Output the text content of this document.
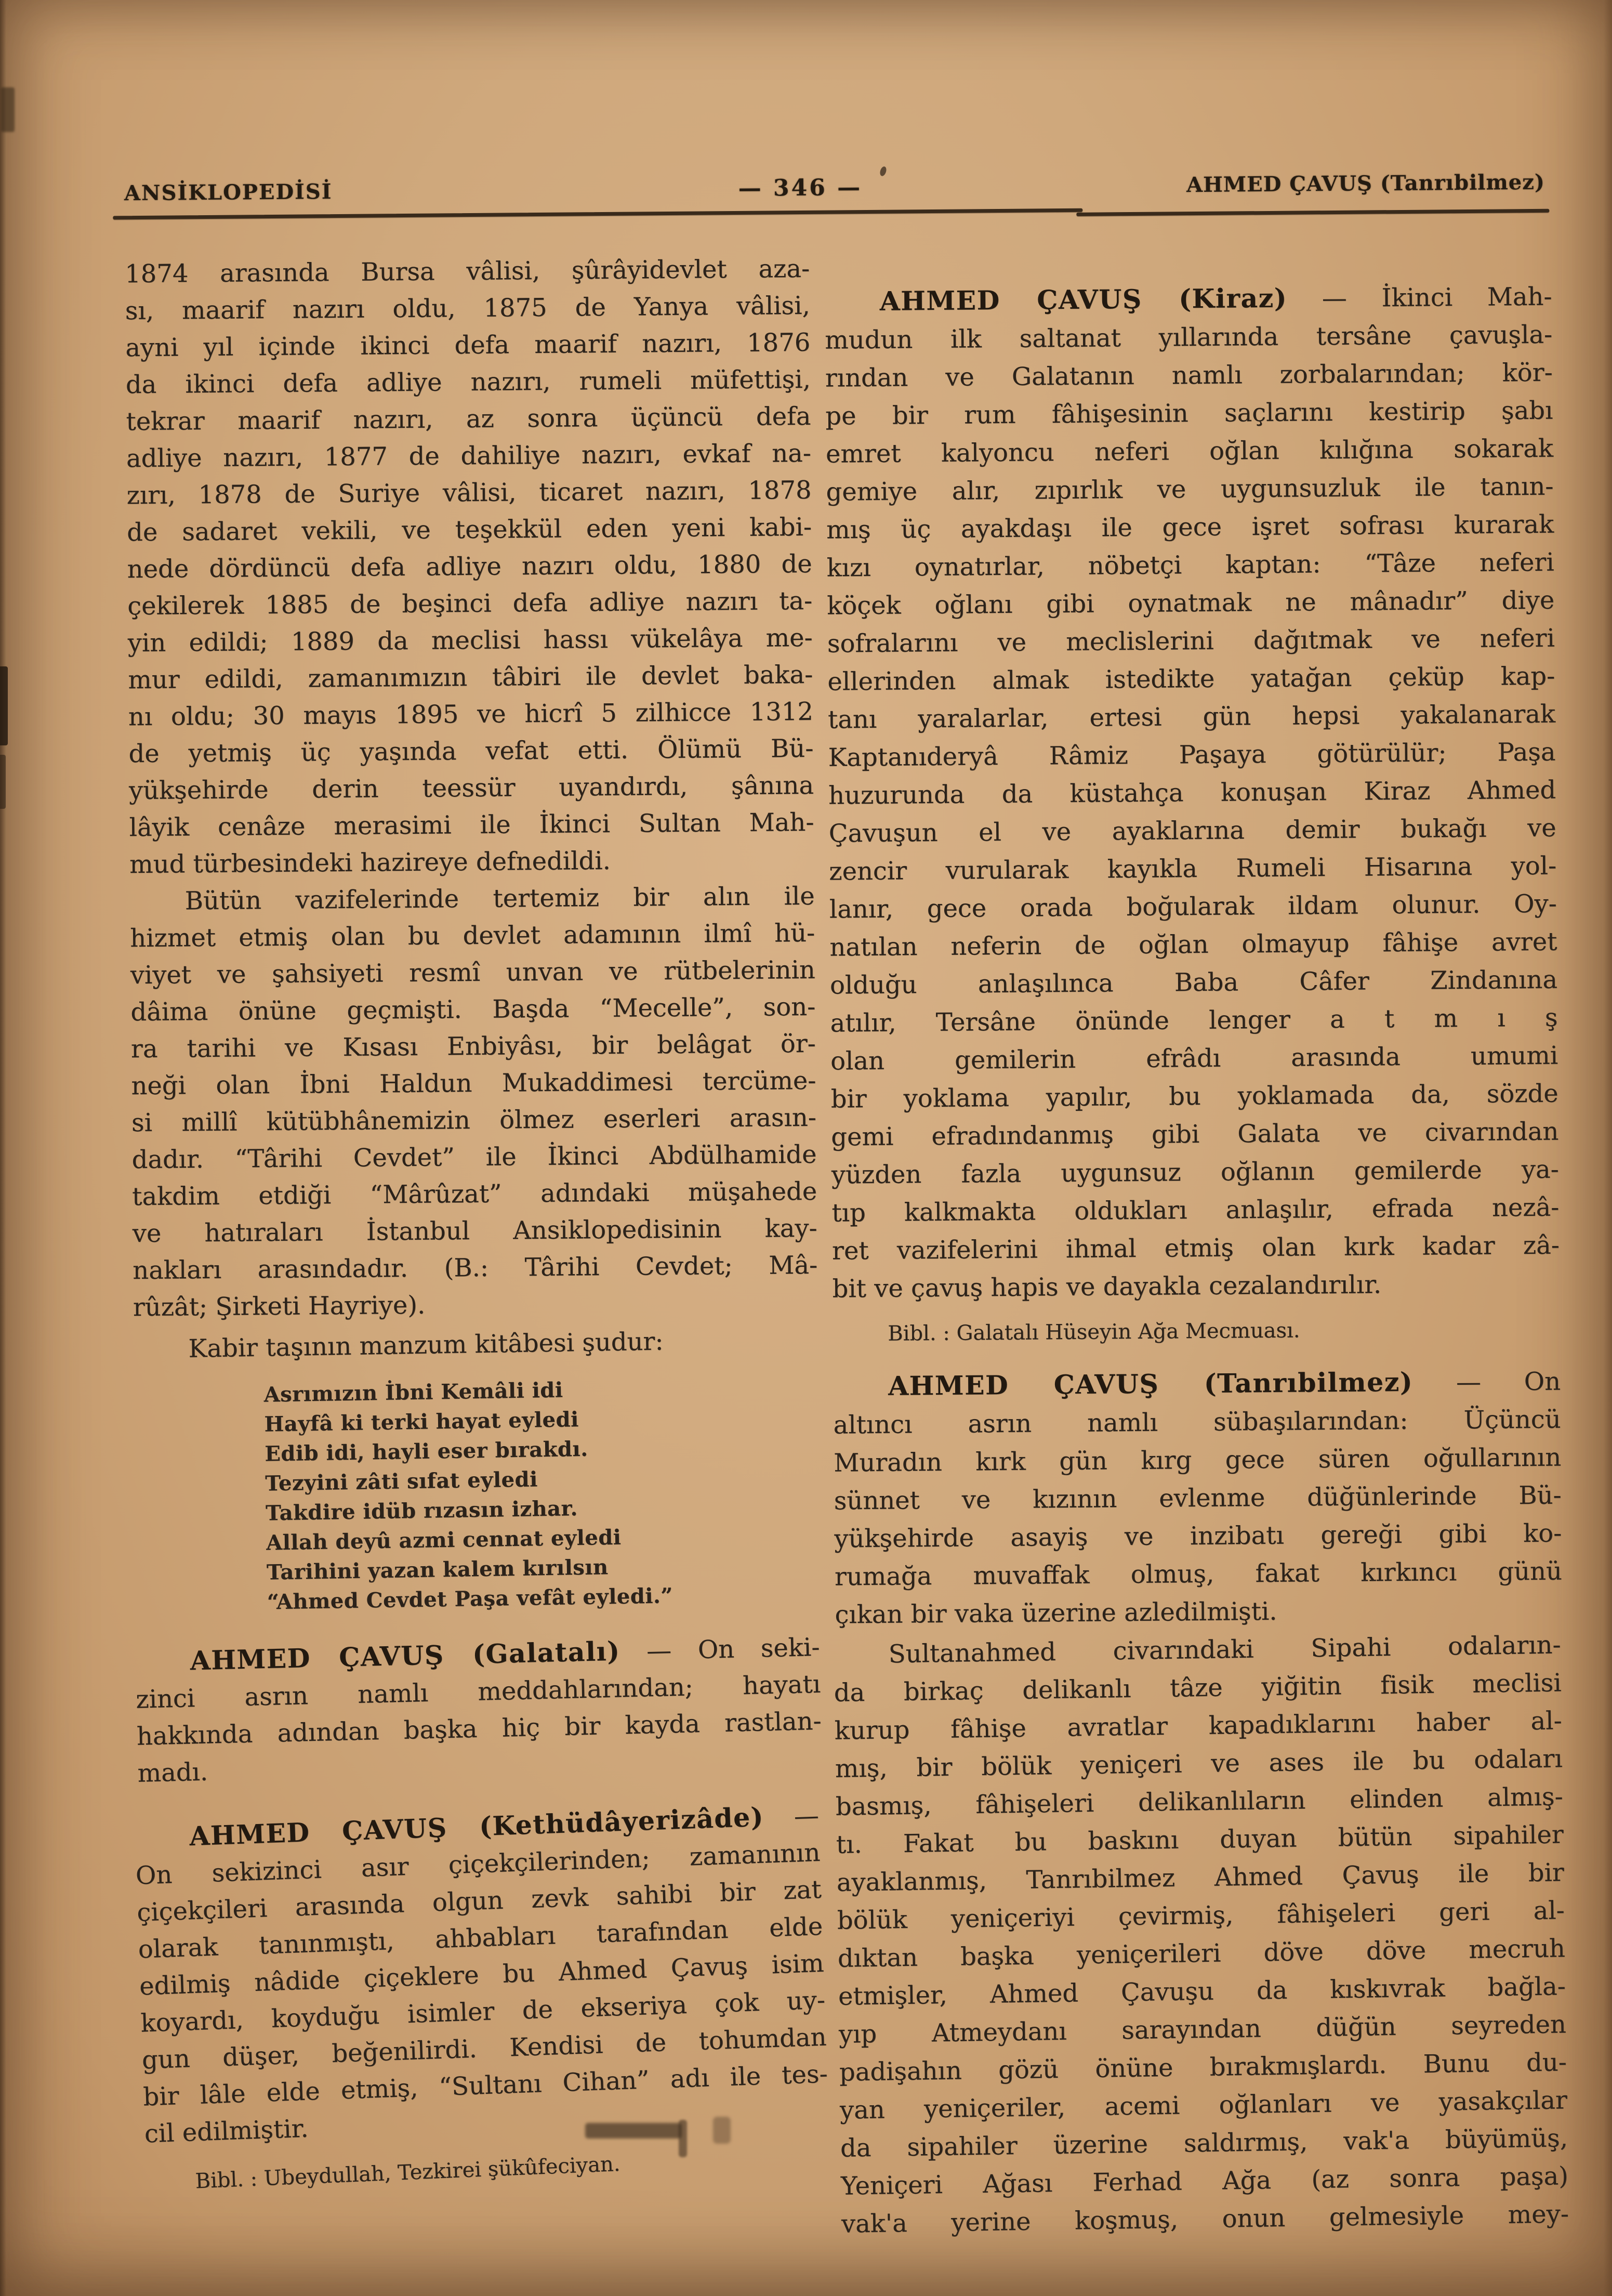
ANSİKLOPEDİSİ	— 346 —	AHMED ÇAVUŞ (Tanrıbilmez)
1874 arasında Bursa vâlisi, şûrâyidevlet aza-
sı, maarif nazırı oldu, 1875 de Yanya vâlisi,
ayni yıl içinde ikinci defa maarif nazırı, 1876
da ikinci defa adliye nazırı, rumeli müfettişi,
tekrar maarif nazırı, az sonra üçüncü defa
adliye nazırı, 1877 de dahiliye nazırı, evkaf na-
zırı, 1878 de Suriye vâlisi, ticaret nazırı, 1878
de sadaret vekili, ve teşekkül eden yeni kabi-
nede dördüncü defa adliye nazırı oldu, 1880 de
çekilerek 1885 de beşinci defa adliye nazırı ta-
yin edildi; 1889 da meclisi hassı vükelâya me-
mur edildi, zamanımızın tâbiri ile devlet baka-
nı oldu; 30 mayıs 1895 ve hicrî 5 zilhicce 1312
de yetmiş üç yaşında vefat etti. Ölümü Bü-
yükşehirde derin teessür uyandırdı, şânına
lâyik cenâze merasimi ile İkinci Sultan Mah-
mud türbesindeki hazireye defnedildi.
Bütün vazifelerinde tertemiz bir alın ile
hizmet etmiş olan bu devlet adamının ilmî hü-
viyet ve şahsiyeti resmî unvan ve rütbelerinin
dâima önüne geçmişti. Başda “Mecelle”, son-
ra tarihi ve Kısası Enbiyâsı, bir belâgat ör-
neği olan İbni Haldun Mukaddimesi tercüme-
si millî kütübhânemizin ölmez eserleri arasın-
dadır. “Târihi Cevdet” ile İkinci Abdülhamide
takdim etdiği “Mârûzat” adındaki müşahede
ve hatıraları İstanbul Ansiklopedisinin kay-
nakları arasındadır. (B.: Târihi Cevdet; Mâ-
rûzât; Şirketi Hayriye).
Kabir taşının manzum kitâbesi şudur:
Asrımızın İbni Kemâli idi
Hayfâ ki terki hayat eyledi
Edib idi, hayli eser bırakdı.
Tezyini zâti sıfat eyledi
Takdire idüb rızasın izhar.
Allah deyû azmi cennat eyledi
Tarihini yazan kalem kırılsın
“Ahmed Cevdet Paşa vefât eyledi.”
AHMED ÇAVUŞ (Galatalı) — On seki-
zinci asrın namlı meddahlarından; hayatı
hakkında adından başka hiç bir kayda rastlan-
madı.
AHMED ÇAVUŞ (Kethüdâyerizâde) —
On sekizinci asır çiçekçilerinden; zamanının
çiçekçileri arasında olgun zevk sahibi bir zat
olarak tanınmıştı, ahbabları tarafından elde
edilmiş nâdide çiçeklere bu Ahmed Çavuş isim
koyardı, koyduğu isimler de ekseriya çok uy-
gun düşer, beğenilirdi. Kendisi de tohumdan
bir lâle elde etmiş, “Sultanı Cihan” adı ile tes-
cil edilmiştir.
Bibl. : Ubeydullah, Tezkirei şükûfeciyan.
AHMED ÇAVUŞ (Kiraz) — İkinci Mah-
mudun ilk saltanat yıllarında tersâne çavuşla-
rından ve Galatanın namlı zorbalarından; kör-
pe bir rum fâhişesinin saçlarını kestirip şabı
emret kalyoncu neferi oğlan kılığına sokarak
gemiye alır, zıpırlık ve uygunsuzluk ile tanın-
mış üç ayakdaşı ile gece işret sofrası kurarak
kızı oynatırlar, nöbetçi kaptan: “Tâze neferi
köçek oğlanı gibi oynatmak ne mânadır” diye
sofralarını ve meclislerini dağıtmak ve neferi
ellerinden almak istedikte yatağan çeküp kap-
tanı yaralarlar, ertesi gün hepsi yakalanarak
Kaptanıderyâ Râmiz Paşaya götürülür; Paşa
huzurunda da küstahça konuşan Kiraz Ahmed
Çavuşun el ve ayaklarına demir bukağı ve
zencir vurularak kayıkla Rumeli Hisarına yol-
lanır, gece orada boğularak ildam olunur. Oy-
natılan neferin de oğlan olmayup fâhişe avret
olduğu anlaşılınca Baba Câfer Zindanına
atılır, Tersâne önünde lenger a t m ı ş
olan gemilerin efrâdı arasında umumi
bir yoklama yapılır, bu yoklamada da, sözde
gemi efradındanmış gibi Galata ve civarından
yüzden fazla uygunsuz oğlanın gemilerde ya-
tıp kalkmakta oldukları anlaşılır, efrada nezâ-
ret vazifelerini ihmal etmiş olan kırk kadar zâ-
bit ve çavuş hapis ve dayakla cezalandırılır.
Bibl. : Galatalı Hüseyin Ağa Mecmuası.
AHMED ÇAVUŞ (Tanrıbilmez) — On
altıncı asrın namlı sübaşılarından: Üçüncü
Muradın kırk gün kırg gece süren oğullarının
sünnet ve kızının evlenme düğünlerinde Bü-
yükşehirde asayiş ve inzibatı gereği gibi ko-
rumağa muvaffak olmuş, fakat kırkıncı günü
çıkan bir vaka üzerine azledilmişti.
Sultanahmed civarındaki Sipahi odaların-
da birkaç delikanlı tâze yiğitin fisik meclisi
kurup fâhişe avratlar kapadıklarını haber al-
mış, bir bölük yeniçeri ve ases ile bu odaları
basmış, fâhişeleri delikanlıların elinden almış-
tı. Fakat bu baskını duyan bütün sipahiler
ayaklanmış, Tanrıbilmez Ahmed Çavuş ile bir
bölük yeniçeriyi çevirmiş, fâhişeleri geri al-
dıktan başka yeniçerileri döve döve mecruh
etmişler, Ahmed Çavuşu da kıskıvrak bağla-
yıp Atmeydanı sarayından düğün seyreden
padişahın gözü önüne bırakmışlardı. Bunu du-
yan yeniçeriler, acemi oğlanları ve yasakçılar
da sipahiler üzerine saldırmış, vak'a büyümüş,
Yeniçeri Ağası Ferhad Ağa (az sonra paşa)
vak'a yerine koşmuş, onun gelmesiyle mey-
